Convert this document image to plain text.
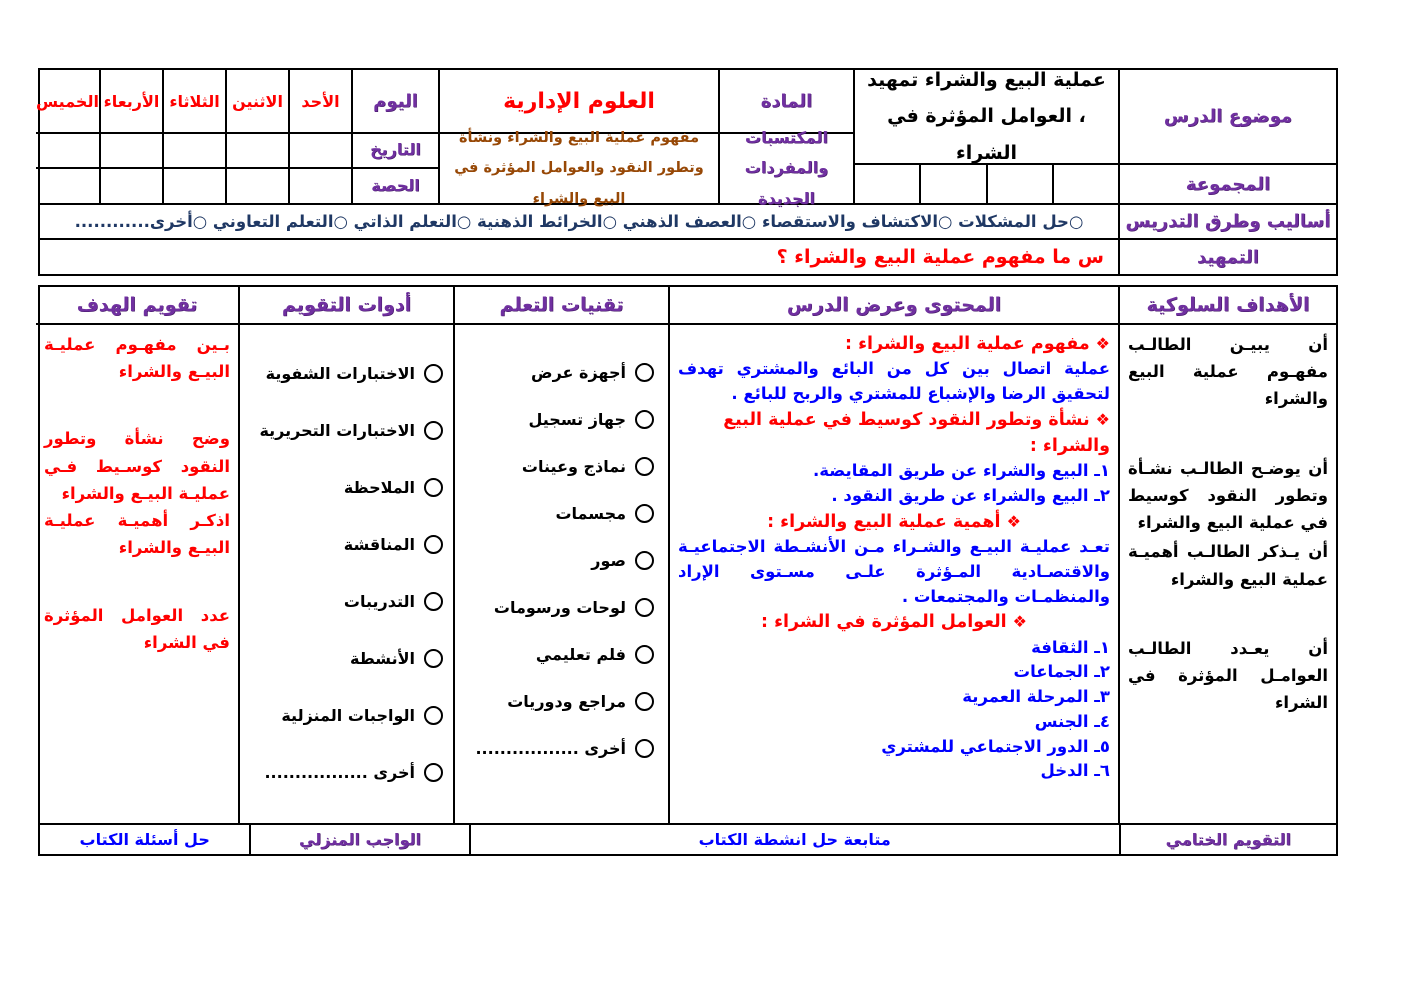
موضوع الدرس
المجموعة
عملية البيع والشراء تمهيد ، العوامل المؤثرة في الشراء
المادة
المكتسبات والمفردات الجديدة
العلوم الإدارية
مفهوم عملية البيع والشراء ونشأة وتطور النقود والعوامل المؤثرة في البيع والشراء
اليوم
التاريخ
الحصة
الأحد
الاثنين
الثلاثاء
الأربعاء
الخميس
أساليب وطرق التدريس
○حل المشكلات ○الاكتشاف والاستقصاء ○العصف الذهني ○الخرائط الذهنية ○التعلم الذاتي ○التعلم التعاوني ○أخرى............
التمهيد
س ما مفهوم عملية البيع والشراء ؟
الأهداف السلوكية
أن يبيـن الطالـب مفهـوم عملية البيع والشراء
أن يوضـح الطالـب نشـأة وتطور النقود كوسيط في عملية البيع والشراء
أن يـذكر الطالـب أهميـة عملية البيع والشراء
أن يعـدد الطالـب العوامـل المؤثرة في الشراء
المحتوى وعرض الدرس
❖مفهوم عملية البيع والشراء :
عملية اتصال بين كل من البائع والمشتري تهدف لتحقيق الرضا والإشباع للمشتري والربح للبائع .
❖نشأة وتطور النقود كوسيط في عملية البيع والشراء :
١ـ البيع والشراء عن طريق المقايضة.
٢ـ البيع والشراء عن طريق النقود .
❖أهمية عملية البيع والشراء :
تعـد عمليـة البيـع والشـراء مـن الأنشـطة الاجتماعيـة والاقتصـادية المـؤثرة علـى مسـتوى الإراد والمنظمـات والمجتمعات .
❖العوامل المؤثرة في الشراء :
١ـ الثقافة
٢ـ الجماعات
٣ـ المرحلة العمرية
٤ـ الجنس
٥ـ الدور الاجتماعي للمشتري
٦ـ الدخل
تقنيات التعلم
أجهزة عرض
جهاز تسجيل
نماذج وعينات
مجسمات
صور
لوحات ورسومات
فلم تعليمي
مراجع ودوريات
أخرى .................
أدوات التقويم
الاختبارات الشفوية
الاختبارات التحريرية
الملاحظة
المناقشة
التدريبات
الأنشطة
الواجبات المنزلية
أخرى .................
تقويم الهدف
بـين مفهـوم عمليـة البيـع والشراء
وضح نشأة وتطور النقود كوسـيط فـي عمليـة البيـع والشراء
اذكـر أهميـة عمليـة البيـع والشراء
عدد العوامل المؤثرة في الشراء
التقويم الختامي
متابعة حل انشطة الكتاب
الواجب المنزلي
حل أسئلة الكتاب
